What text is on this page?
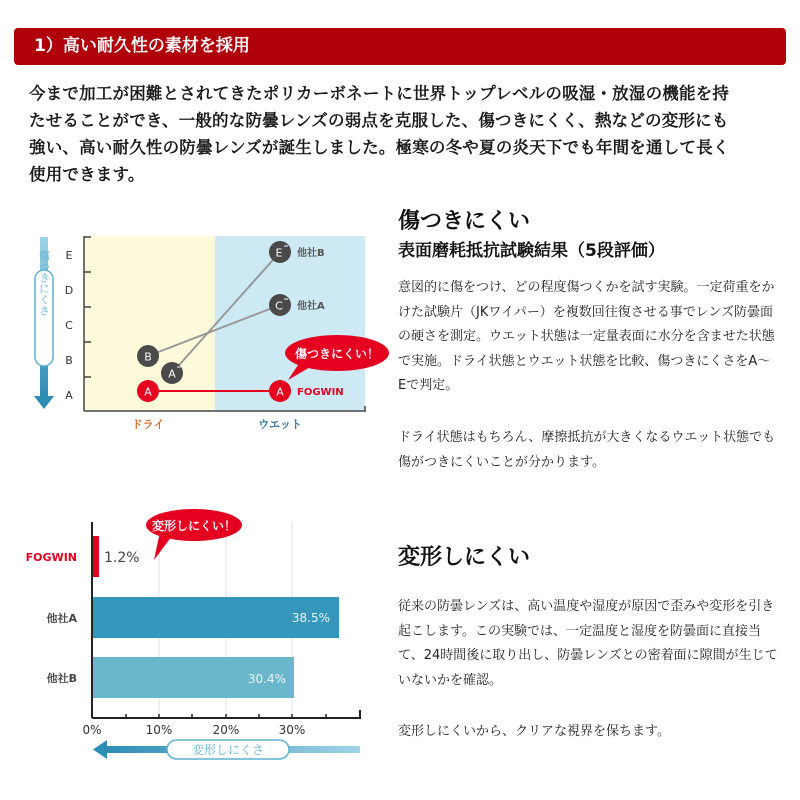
1）高い耐久性の素材を採用
今まで加工が困難とされてきたポリカーボネートに世界トップレベルの吸湿・放湿の機能を持
たせることができ、一般的な防曇レンズの弱点を克服した、傷つきにくく、熱などの変形にも
強い、高い耐久性の防曇レンズが誕生しました。極寒の冬や夏の炎天下でも年間を通して長く
使用できます。
E
D
C
B
A
傷つきにくさ
B
A
A
E 他社B
C 他社A
A FOGWIN
傷つきにくい！
ドライ	ウエット
傷つきにくい
表面磨耗抵抗試験結果（5段評価）
意図的に傷をつけ、どの程度傷つくかを試す実験。一定荷重をかけた試験片（JKワイパー）を複数回往復させる事でレンズ防曇面の硬さを測定。ウエット状態は一定量表面に水分を含ませた状態で実施。ドライ状態とウエット状態を比較、傷つきにくさをA〜Eで判定。
ドライ状態はもちろん、摩擦抵抗が大きくなるウエット状態でも傷がつきにくいことが分かります。
FOGWIN
他社A
他社B
1.2%
38.5%
30.4%
0%	10%	20%	30%
変形しにくさ
変形しにくい！
変形しにくい
従来の防曇レンズは、高い温度や湿度が原因で歪みや変形を引き起こします。この実験では、一定温度と湿度を防曇面に直接当て、24時間後に取り出し、防曇レンズとの密着面に隙間が生じていないかを確認。
変形しにくいから、クリアな視界を保ちます。
